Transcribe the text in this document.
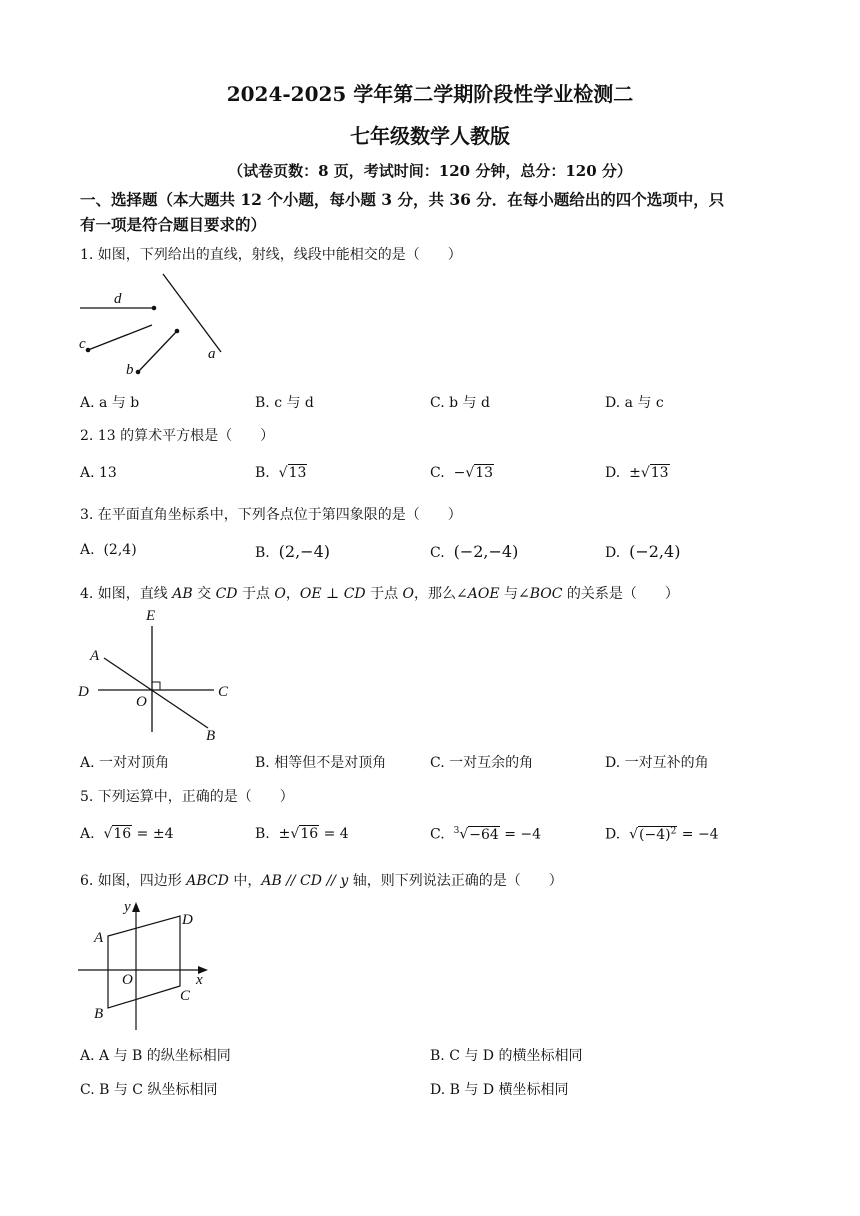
2024-2025 学年第二学期阶段性学业检测二
七年级数学人教版
（试卷页数：8 页，考试时间：120 分钟，总分：120 分）
一、选择题（本大题共 12 个小题，每小题 3 分，共 36 分．在每小题给出的四个选项中，只
有一项是符合题目要求的）
1. 如图，下列给出的直线，射线，线段中能相交的是（　　）
d
c
b
a
A. a 与 b	B. c 与 d	C. b 与 d	D. a 与 c
2. 13 的算术平方根是（　　）
A. 13	B.  √13	C. −√13	D. ±√13
3. 在平面直角坐标系中，下列各点位于第四象限的是（　　）
A. (2,4)	B. (2,−4)	C. (−2,−4)	D. (−2,4)
4. 如图，直线 AB 交 CD 于点 O，OE ⊥ CD 于点 O，那么∠AOE 与∠BOC 的关系是（　　）
E
A
D
O
C
B
A. 一对对顶角	B. 相等但不是对顶角	C. 一对互余的角	D. 一对互补的角
5. 下列运算中，正确的是（　　）
A.  √16 = ±4	B. ±√16 = 4	C. $^3$√−64 = −4	D.  $√(-4)^2 = -4$
6. 如图，四边形 ABCD 中，AB // CD // y 轴，则下列说法正确的是（　　）
y
x
A
B
C
D
O
A. A 与 B 的纵坐标相同	B. C 与 D 的横坐标相同
C. B 与 C 纵坐标相同	D. B 与 D 横坐标相同
